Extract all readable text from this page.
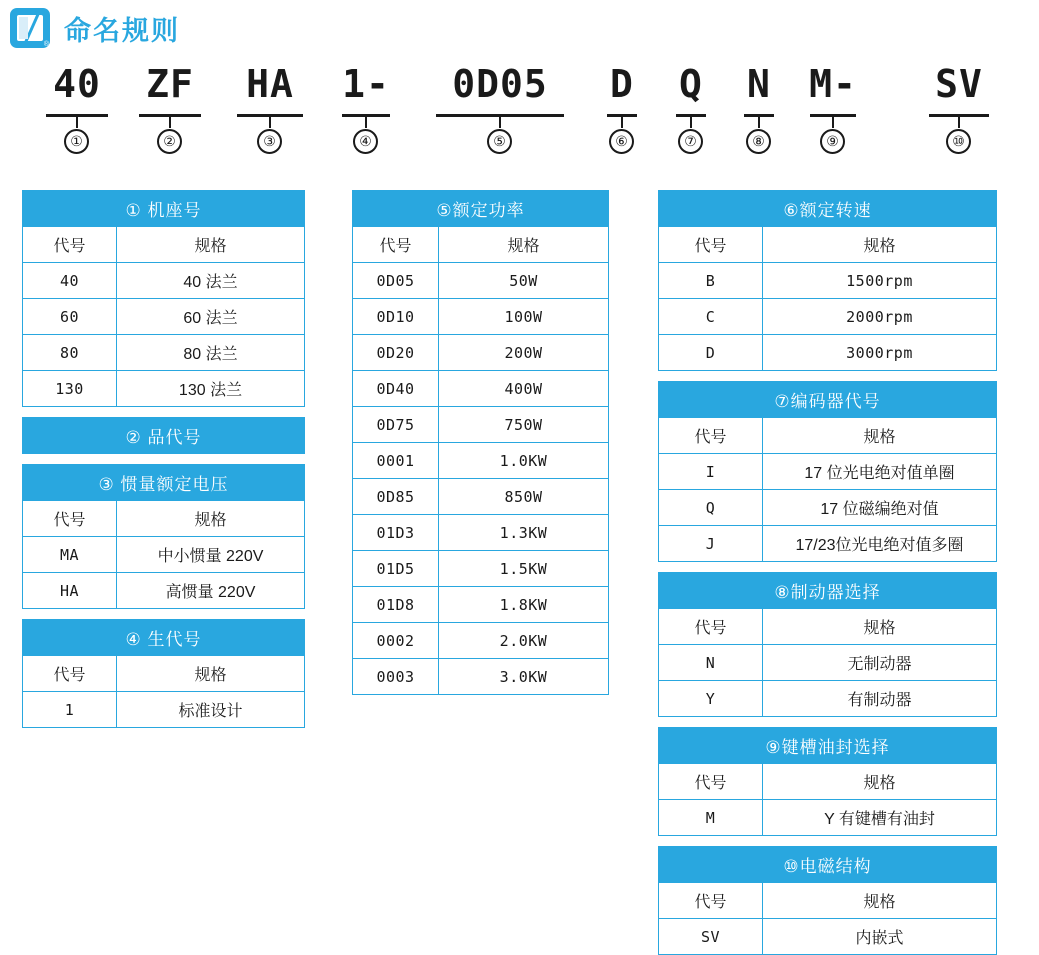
® 命名规则
40
①
ZF
②
HA
③
1-
④
0D05
⑤
D
⑥
Q
⑦
N
⑧
M-
⑨
SV
⑩
① 机座号	
代号	规格
40	40 法兰
60	60 法兰
80	80 法兰
130	130 法兰
② 品代号
③ 惯量额定电压	
代号	规格
MA	中小惯量 220V
HA	高惯量 220V
④ 生代号	
代号	规格
1	标准设计
⑤额定功率	
代号	规格
0D05	50W
0D10	100W
0D20	200W
0D40	400W
0D75	750W
0001	1.0KW
0D85	850W
01D3	1.3KW
01D5	1.5KW
01D8	1.8KW
0002	2.0KW
0003	3.0KW
⑥额定转速	
代号	规格
B	1500rpm
C	2000rpm
D	3000rpm
⑦编码器代号	
代号	规格
I	17 位光电绝对值单圈
Q	17 位磁编绝对值
J	17/23位光电绝对值多圈
⑧制动器选择	
代号	规格
N	无制动器
Y	有制动器
⑨键槽油封选择	
代号	规格
M	Y 有键槽有油封
⑩电磁结构	
代号	规格
SV	内嵌式
